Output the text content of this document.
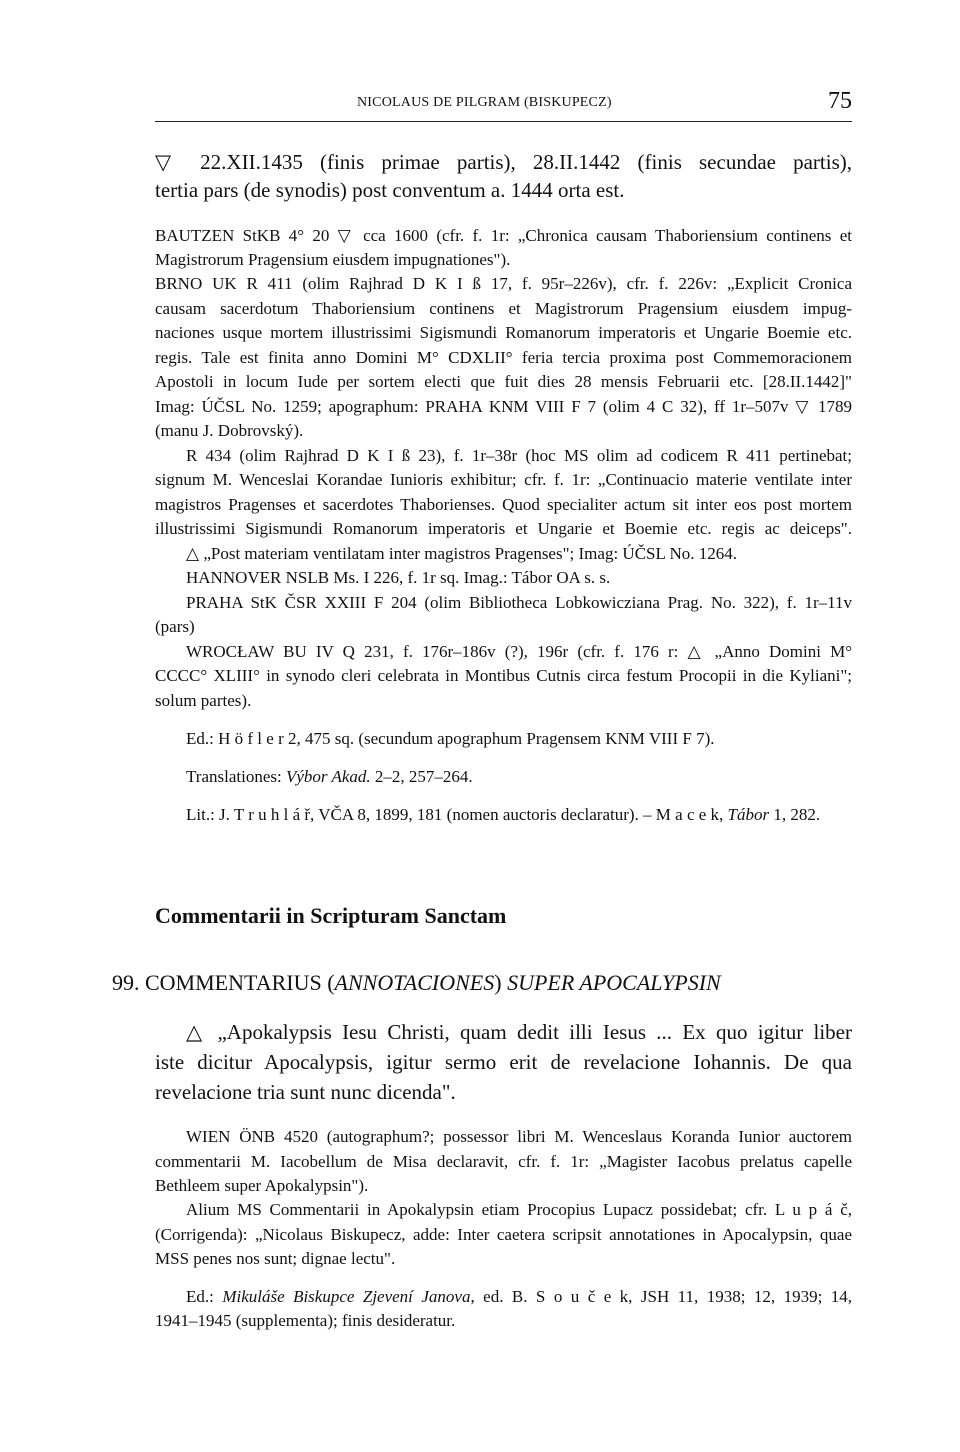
NICOLAUS DE PILGRAM (BISKUPECZ)	75
▽ 22.XII.1435 (finis primae partis), 28.II.1442 (finis secundae partis),
tertia pars (de synodis) post conventum a. 1444 orta est.
BAUTZEN StKB 4° 20 ▽ cca 1600 (cfr. f. 1r: „Chronica causam Thaboriensium continens et
Magistrorum Pragensium eiusdem impugnationes").
BRNO UK R 411 (olim Rajhrad D K I ß 17, f. 95r–226v), cfr. f. 226v: „Explicit Cronica
causam sacerdotum Thaboriensium continens et Magistrorum Pragensium eiusdem impug-
naciones usque mortem illustrissimi Sigismundi Romanorum imperatoris et Ungarie Boemie etc.
regis. Tale est finita anno Domini M° CDXLII° feria tercia proxima post Commemoracionem
Apostoli in locum Iude per sortem electi que fuit dies 28 mensis Februarii etc. [28.II.1442]"
Imag: ÚČSL No. 1259; apographum: PRAHA KNM VIII F 7 (olim 4 C 32), ff 1r–507v ▽ 1789
(manu J. Dobrovský).
R 434 (olim Rajhrad D K I ß 23), f. 1r–38r (hoc MS olim ad codicem R 411 pertinebat;
signum M. Wenceslai Korandae Iunioris exhibitur; cfr. f. 1r: „Continuacio materie ventilate inter
magistros Pragenses et sacerdotes Thaborienses. Quod specialiter actum sit inter eos post mortem
illustrissimi Sigismundi Romanorum imperatoris et Ungarie et Boemie etc. regis ac deiceps".
△ „Post materiam ventilatam inter magistros Pragenses"; Imag: ÚČSL No. 1264.
HANNOVER NSLB Ms. I 226, f. 1r sq. Imag.: Tábor OA s. s.
PRAHA StK ČSR XXIII F 204 (olim Bibliotheca Lobkowicziana Prag. No. 322), f. 1r–11v
(pars)
WROCŁAW BU IV Q 231, f. 176r–186v (?), 196r (cfr. f. 176 r: △ „Anno Domini M°
CCCC° XLIII° in synodo cleri celebrata in Montibus Cutnis circa festum Procopii in die Kyliani";
solum partes).
Ed.: H ö f l e r 2, 475 sq. (secundum apographum Pragensem KNM VIII F 7).
Translationes: Výbor Akad. 2–2, 257–264.
Lit.: J. T r u h l á ř, VČA 8, 1899, 181 (nomen auctoris declaratur). – M a c e k, Tábor 1, 282.
Commentarii in Scripturam Sanctam
99. COMMENTARIUS (ANNOTACIONES) SUPER APOCALYPSIN
△ „Apokalypsis Iesu Christi, quam dedit illi Iesus ... Ex quo igitur liber
iste dicitur Apocalypsis, igitur sermo erit de revelacione Iohannis. De qua
revelacione tria sunt nunc dicenda".
WIEN ÖNB 4520 (autographum?; possessor libri M. Wenceslaus Koranda Iunior auctorem
commentarii M. Iacobellum de Misa declaravit, cfr. f. 1r: „Magister Iacobus prelatus capelle
Bethleem super Apokalypsin").
Alium MS Commentarii in Apokalypsin etiam Procopius Lupacz possidebat; cfr. L u p á č,
(Corrigenda): „Nicolaus Biskupecz, adde: Inter caetera scripsit annotationes in Apocalypsin, quae
MSS penes nos sunt; dignae lectu".
Ed.: Mikuláše Biskupce Zjevení Janova, ed. B. S o u č e k, JSH 11, 1938; 12, 1939; 14,
1941–1945 (supplementa); finis desideratur.
